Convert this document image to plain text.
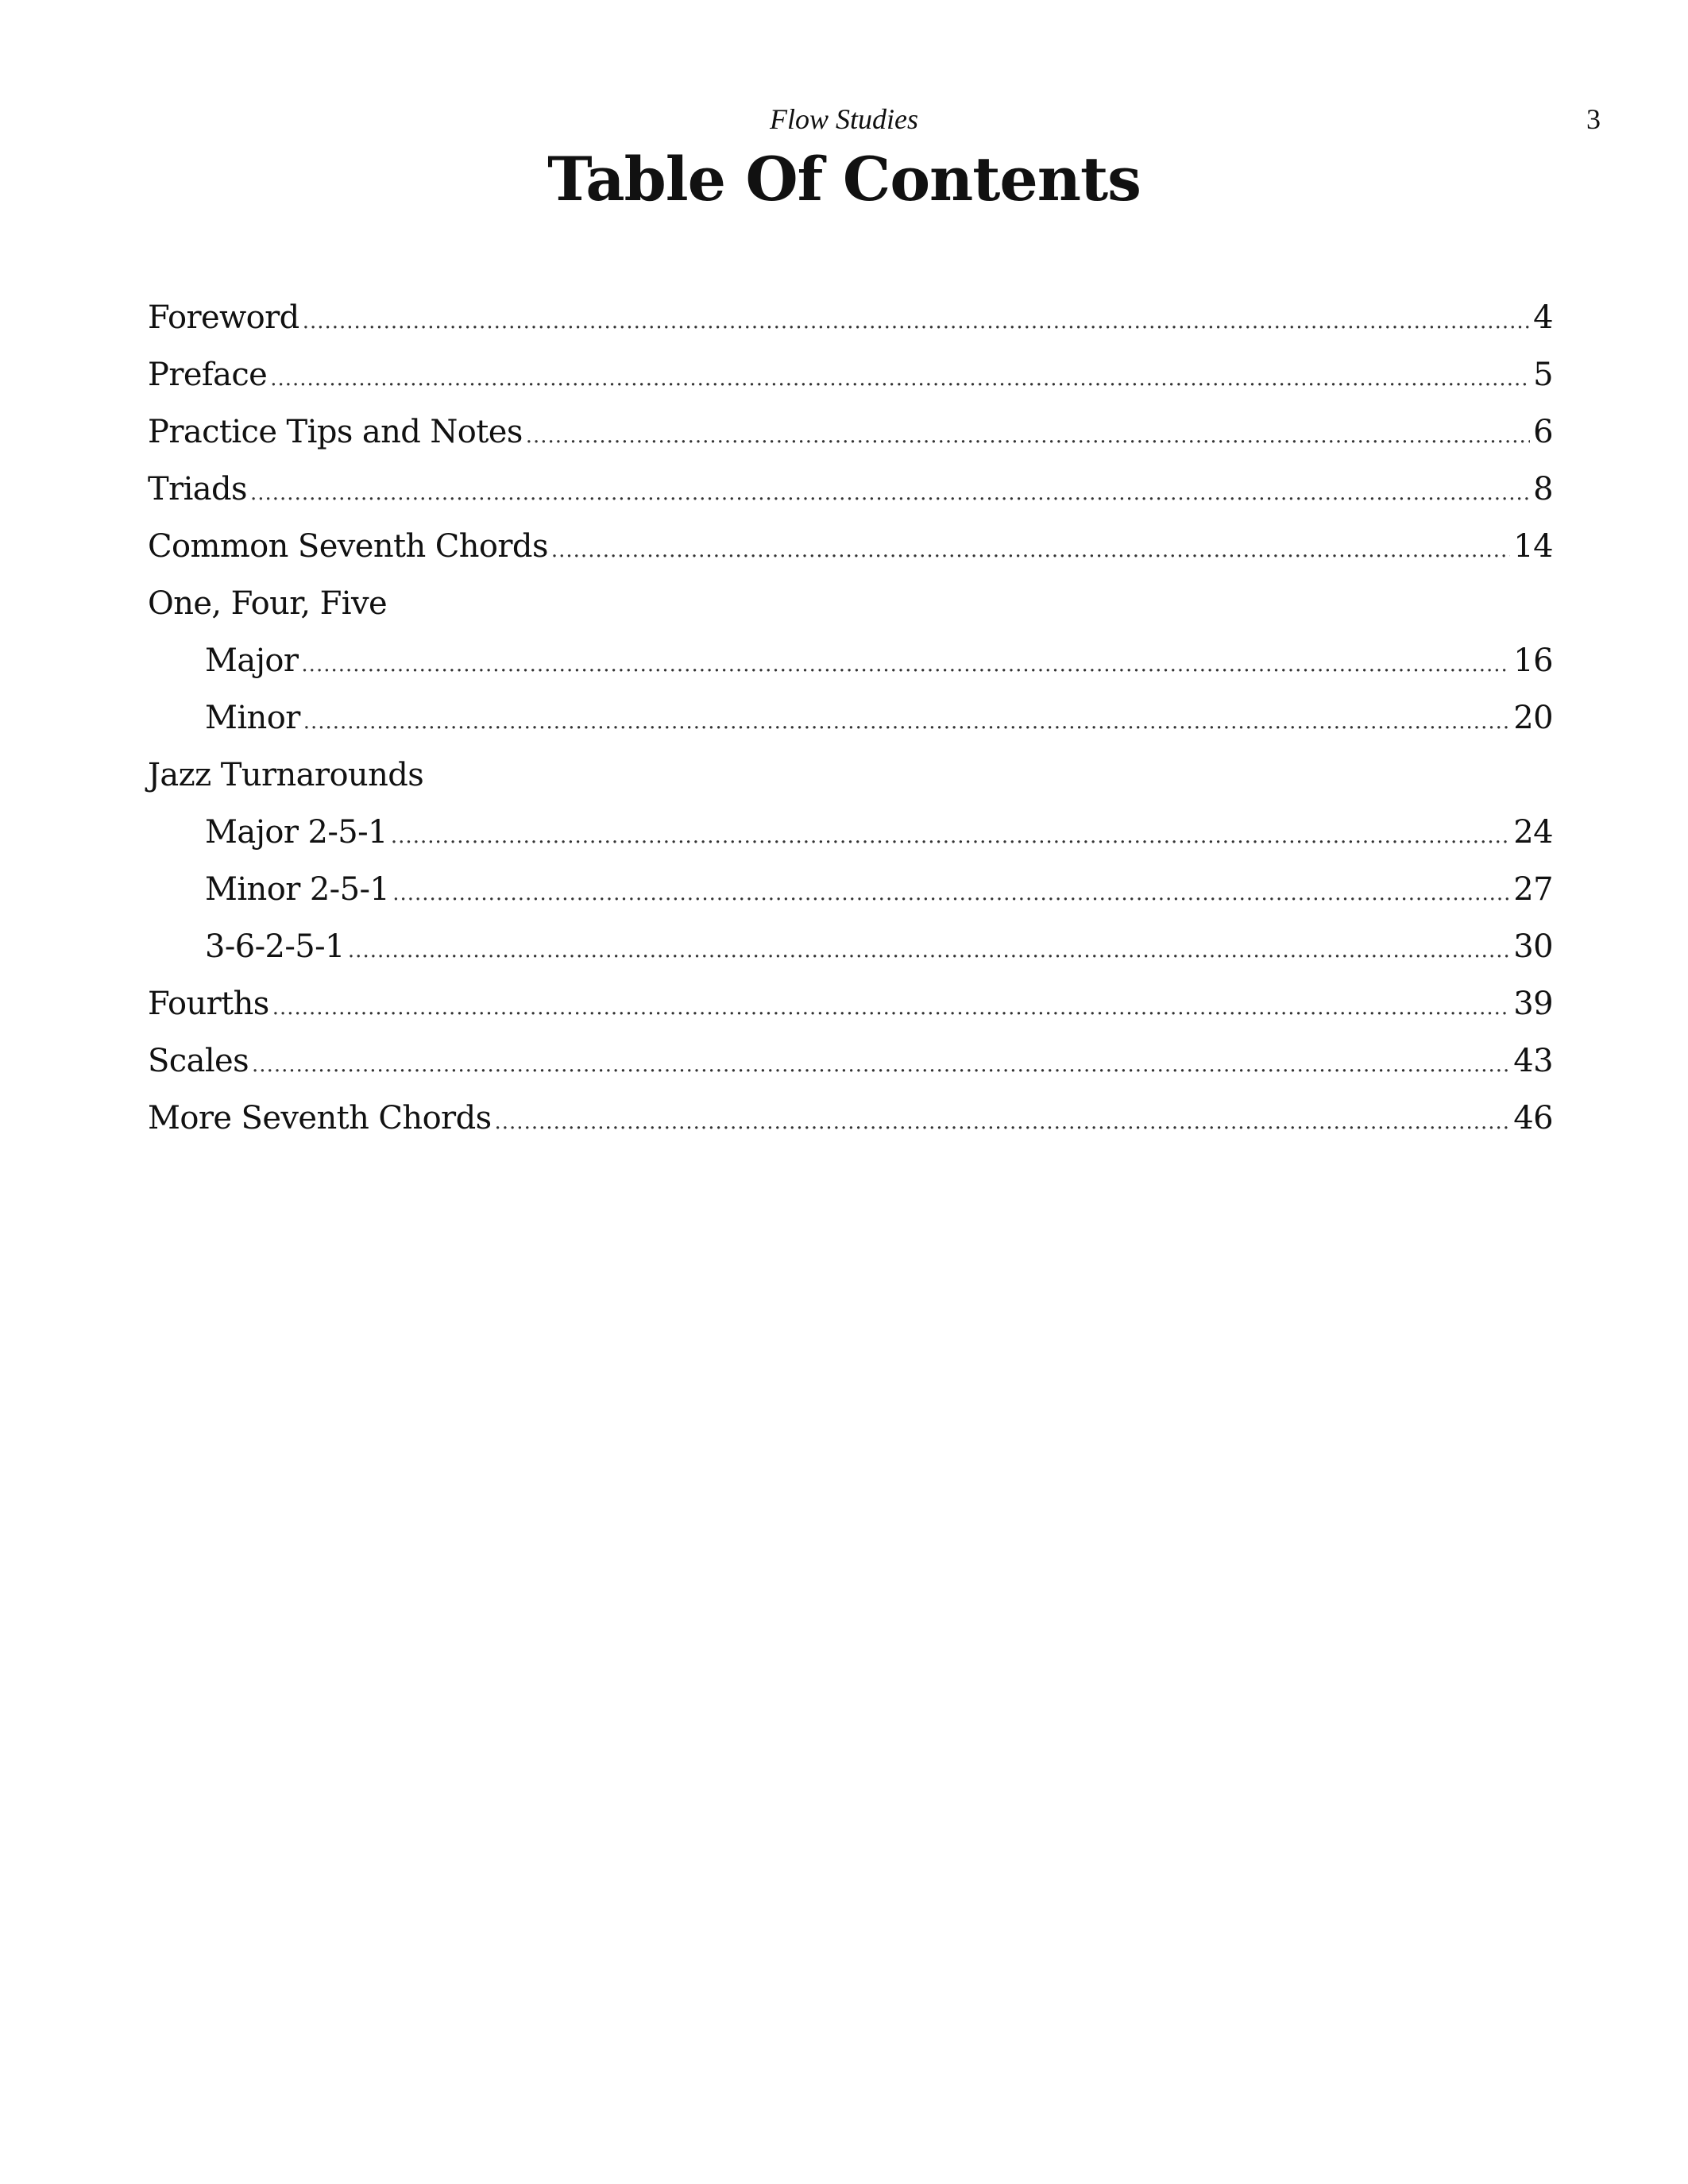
Flow Studies	3
Table Of Contents
Foreword .....	4
Preface .....	5
Practice Tips and Notes .....	6
Triads .....	8
Common Seventh Chords .....	14
One, Four, Five
Major .....	16
Minor .....	20
Jazz Turnarounds
Major 2-5-1 .....	24
Minor 2-5-1 .....	27
3-6-2-5-1 .....	30
Fourths .....	39
Scales .....	43
More Seventh Chords .....	46
